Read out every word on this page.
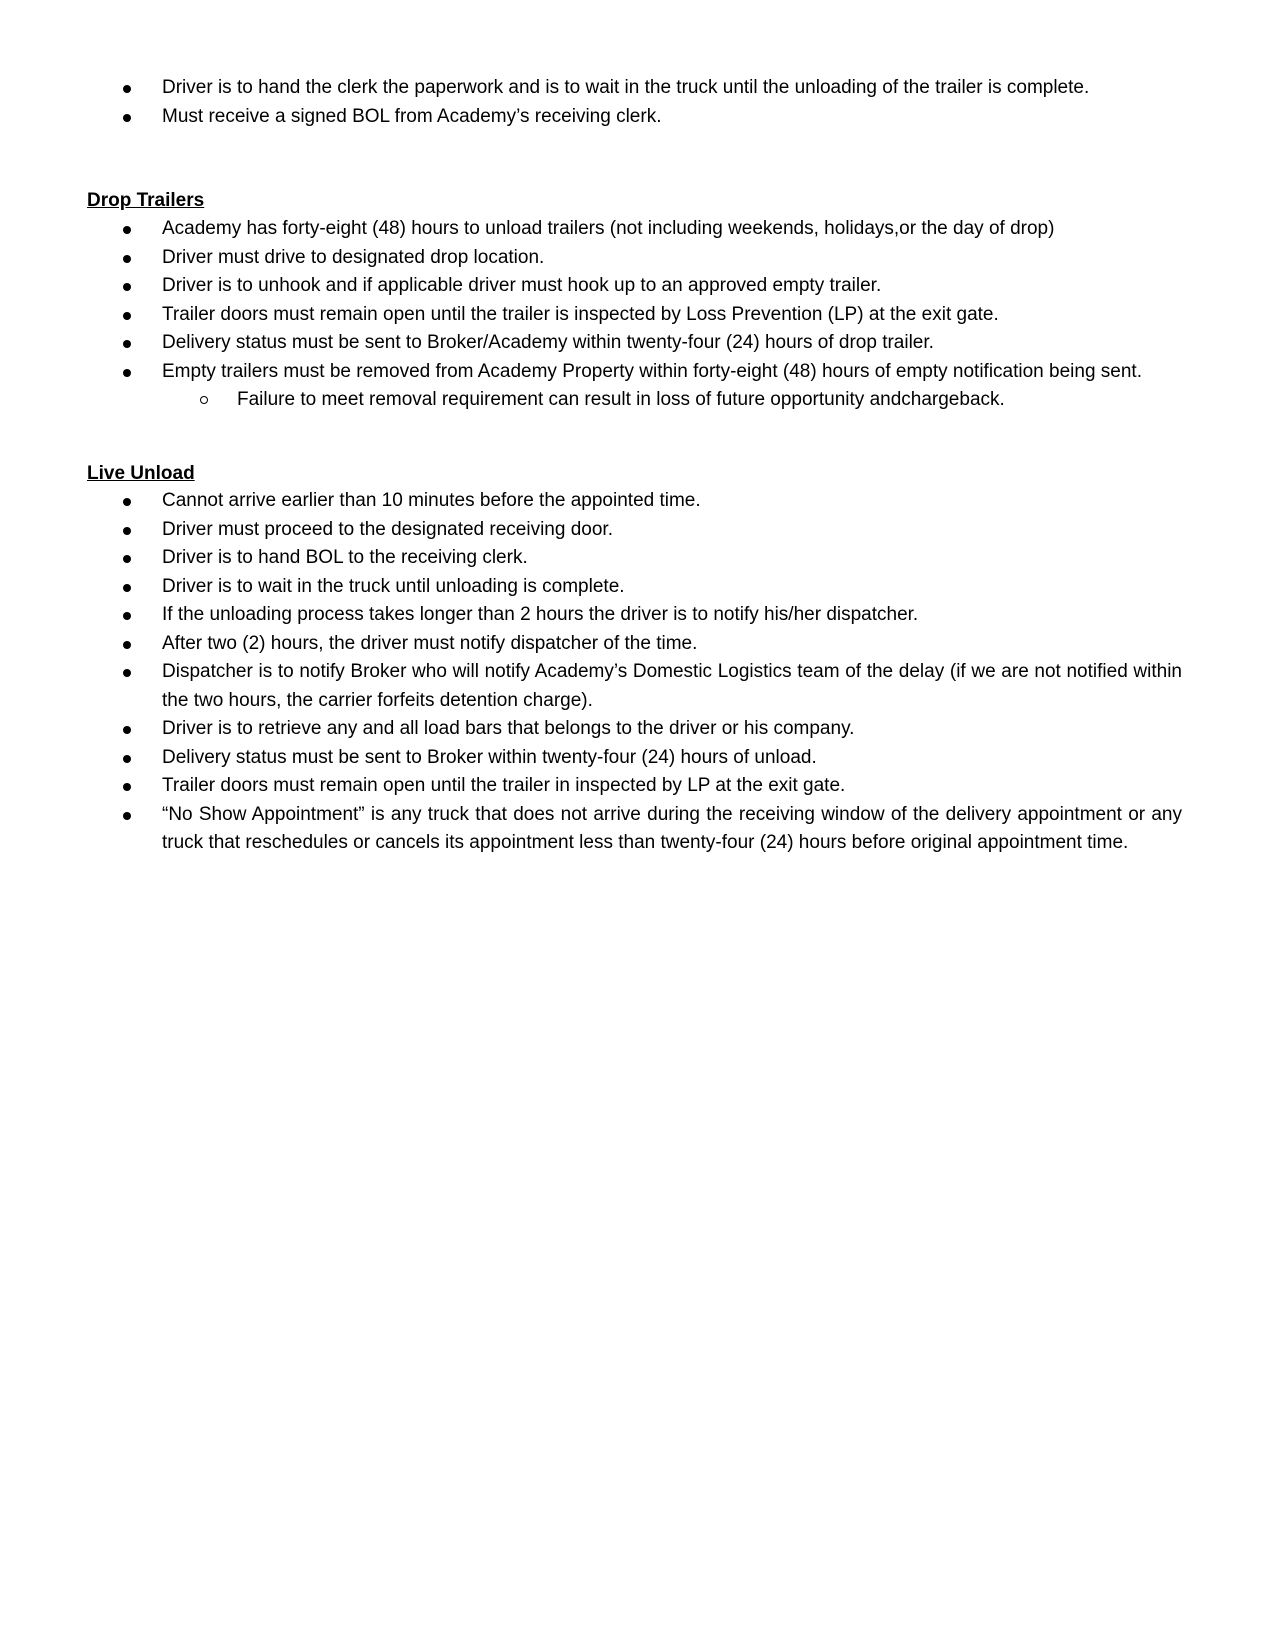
Driver is to hand the clerk the paperwork and is to wait in the truck until the unloading of the trailer is complete.
Must receive a signed BOL from Academy’s receiving clerk.
Drop Trailers
Academy has forty-eight (48) hours to unload trailers (not including weekends, holidays,or the day of drop)
Driver must drive to designated drop location.
Driver is to unhook and if applicable driver must hook up to an approved empty trailer.
Trailer doors must remain open until the trailer is inspected by Loss Prevention (LP) at the exit gate.
Delivery status must be sent to Broker/Academy within twenty-four (24) hours of drop trailer.
Empty trailers must be removed from Academy Property within forty-eight (48) hours of empty notification being sent.
Failure to meet removal requirement can result in loss of future opportunity andchargeback.
Live Unload
Cannot arrive earlier than 10 minutes before the appointed time.
Driver must proceed to the designated receiving door.
Driver is to hand BOL to the receiving clerk.
Driver is to wait in the truck until unloading is complete.
If the unloading process takes longer than 2 hours the driver is to notify his/her dispatcher.
After two (2) hours, the driver must notify dispatcher of the time.
Dispatcher is to notify Broker who will notify Academy’s Domestic Logistics team of the delay (if we are not notified within the two hours, the carrier forfeits detention charge).
Driver is to retrieve any and all load bars that belongs to the driver or his company.
Delivery status must be sent to Broker within twenty-four (24) hours of unload.
Trailer doors must remain open until the trailer in inspected by LP at the exit gate.
“No Show Appointment” is any truck that does not arrive during the receiving window of the delivery appointment or any truck that reschedules or cancels its appointment less than twenty-four (24) hours before original appointment time.
